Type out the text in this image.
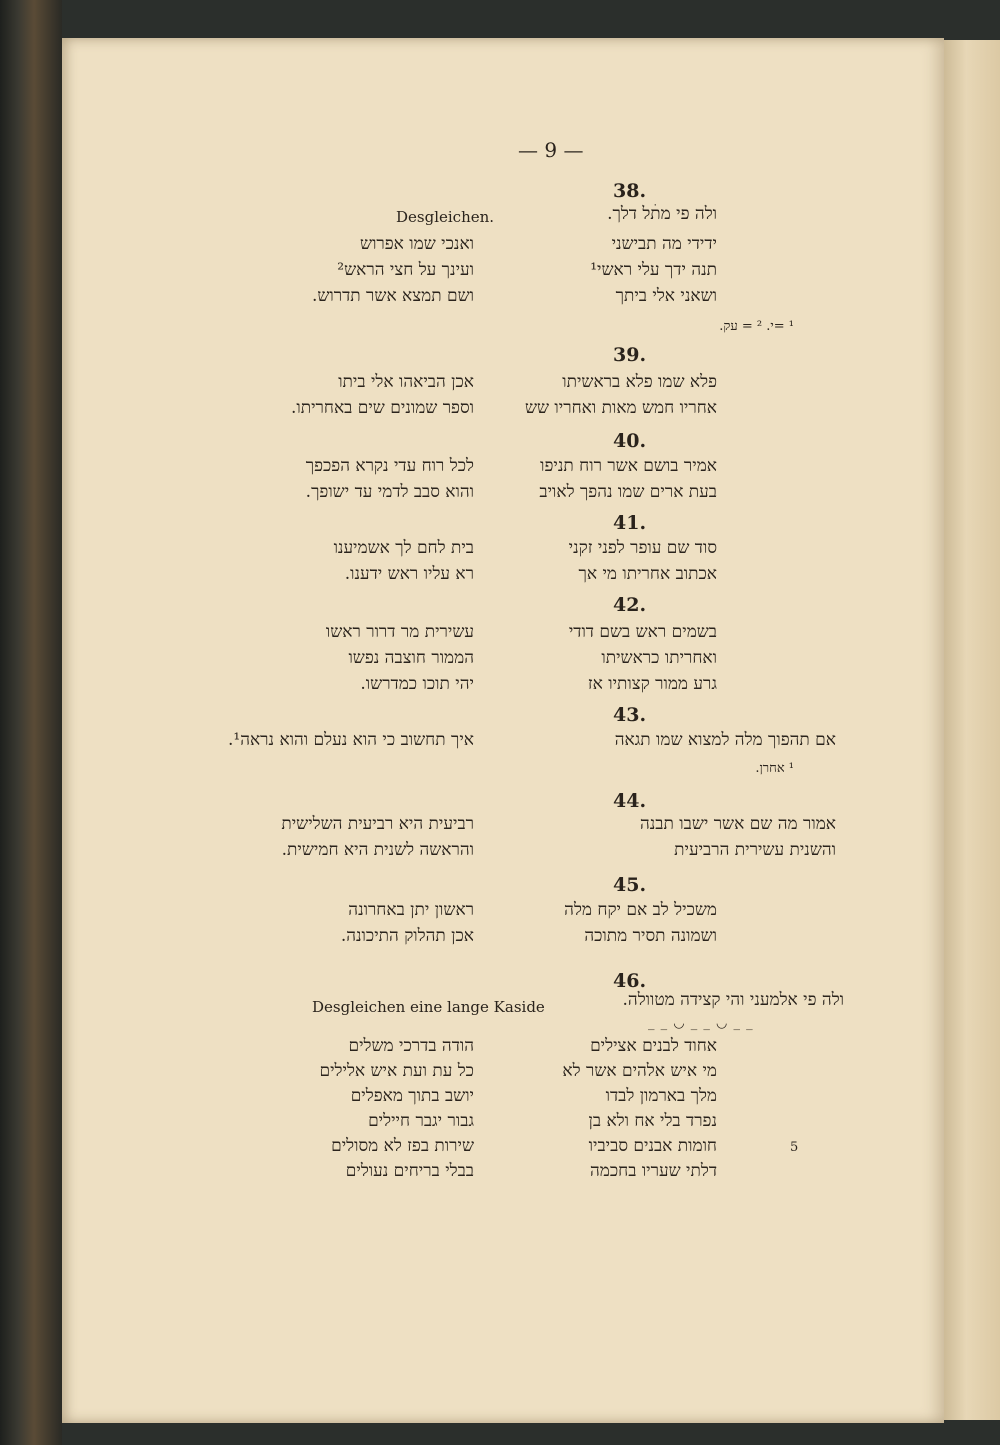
— 9 —
38.
Desgleichen.	ולה פי מתׄל דלך.
ידידי מה תבישני
תנה ידך עלי ראשי¹
ושאני אלי ביתך
ואנכי שמו אפרוש
ועינך על חצי הראש²
ושם תמצא אשר תדרוש.
¹ =י. ² = עק.
39.
פלא שמו פלא בראשיתו
אחריו חמש מאות ואחריו שש
אכן הביאהו אלי ביתו
וספר שמונים שים באחריתו.
40.
אמיר בושם אשר רוח תניפו
בעת ארים שמו נהפך לאויב
לכל רוח עדי נקרא הפכפך
והוא סבב לדמי עד ישופך.
41.
סוד שם עופר לפני זקני
אכתוב אחריתו מי אך
בית לחם לך אשמיענו
רא עליו ראש ידענו.
42.
בשמים ראש בשם דודי
ואחריתו כראשיתו
גרע ממור קצותיו אז
עשירית מר דרור ראשו
הממור חוצבה נפשו
יהי תוכו כמדרשו.
43.
אם תהפוך מלה למצוא שמו תגאה
איך תחשוב כי הוא נעלם והוא נראה¹.
¹ אחרן.
44.
אמור מה שם אשר ישבו תבנה
והשנית עשירית הרביעית
רביעית היא רביעית השלישית
והראשה לשנית היא חמישית.
45.
משכיל לב אם יקח מלה
ושמונה תסיר מתוכה
ראשון יתן באחרונה
אכן תהלוק התיכונה.
46.
Desgleichen eine lange Kaside	ולה פי אלמעני והי קצידה מטוולה.
_ _ ◡ _ _ ◡ _ _
אחוד לבנים אצילים
מי איש אלהים אשר לא
מלך בארמון לבדו
נפרד בלי אח ולא בן
חומות אבנים סביביו
דלתי שעריו בחכמה
5
הודה בדרכי משלים
כל עת ועת איש אלילים
יושב בתוך מאפלים
גבור יגבר חיילים
שירות בפז לא מסולים
בבלי בריחים נעולים
